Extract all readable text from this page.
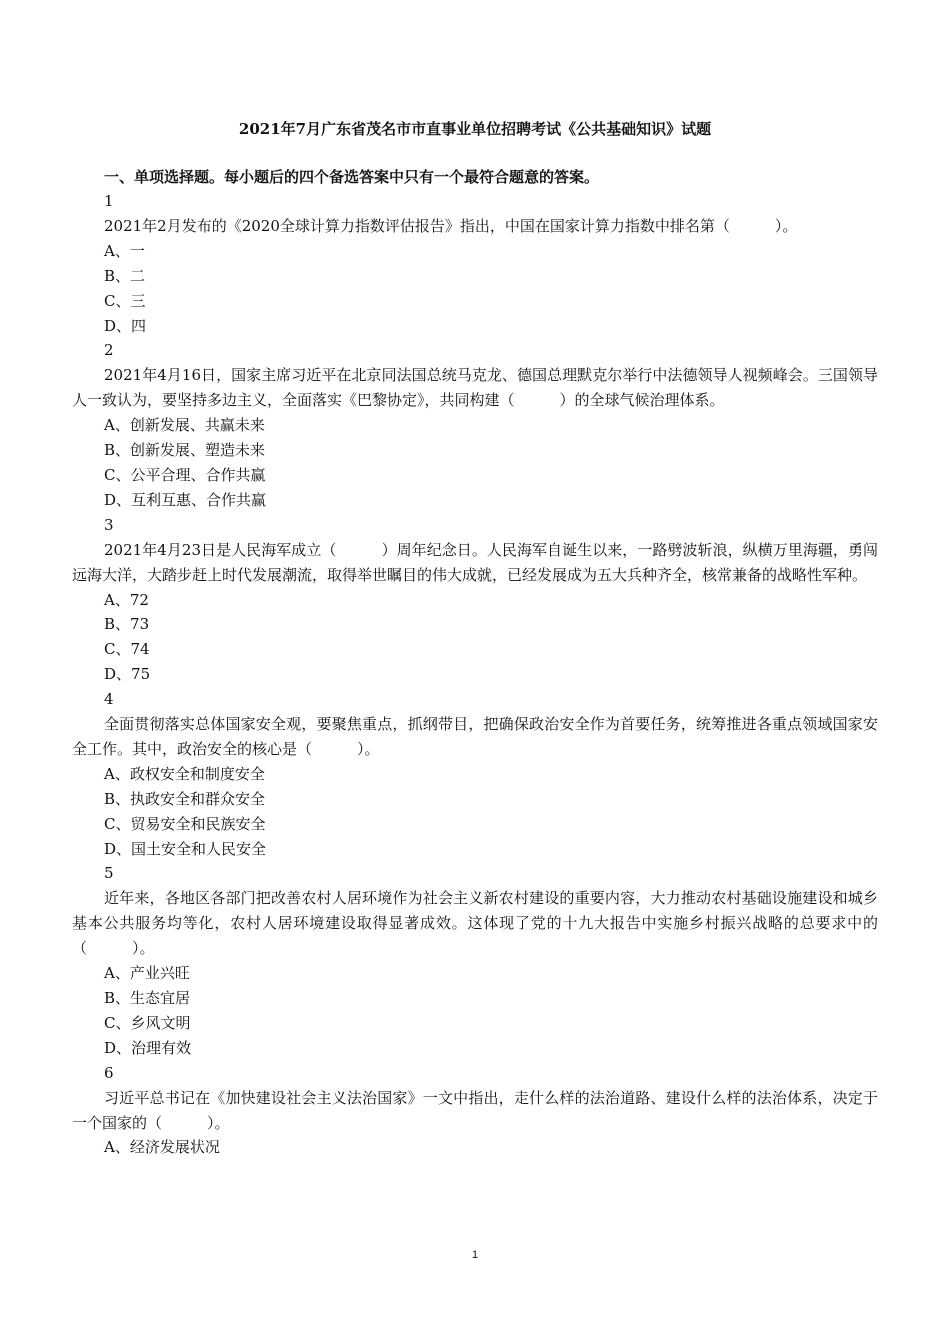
2021年7月广东省茂名市市直事业单位招聘考试《公共基础知识》试题
一、单项选择题。每小题后的四个备选答案中只有一个最符合题意的答案。
1
2021年2月发布的《2020全球计算力指数评估报告》指出，中国在国家计算力指数中排名第（　　　）。
A、一
B、二
C、三
D、四
2
2021年4月16日，国家主席习近平在北京同法国总统马克龙、德国总理默克尔举行中法德领导人视频峰会。三国领导人一致认为，要坚持多边主义，全面落实《巴黎协定》，共同构建（　　　）的全球气候治理体系。
A、创新发展、共赢未来
B、创新发展、塑造未来
C、公平合理、合作共赢
D、互利互惠、合作共赢
3
2021年4月23日是人民海军成立（　　　）周年纪念日。人民海军自诞生以来，一路劈波斩浪，纵横万里海疆，勇闯远海大洋，大踏步赶上时代发展潮流，取得举世瞩目的伟大成就，已经发展成为五大兵种齐全，核常兼备的战略性军种。
A、72
B、73
C、74
D、75
4
全面贯彻落实总体国家安全观，要聚焦重点，抓纲带目，把确保政治安全作为首要任务，统筹推进各重点领域国家安全工作。其中，政治安全的核心是（　　　）。
A、政权安全和制度安全
B、执政安全和群众安全
C、贸易安全和民族安全
D、国土安全和人民安全
5
近年来，各地区各部门把改善农村人居环境作为社会主义新农村建设的重要内容，大力推动农村基础设施建设和城乡基本公共服务均等化，农村人居环境建设取得显著成效。这体现了党的十九大报告中实施乡村振兴战略的总要求中的（　　　）。
A、产业兴旺
B、生态宜居
C、乡风文明
D、治理有效
6
习近平总书记在《加快建设社会主义法治国家》一文中指出，走什么样的法治道路、建设什么样的法治体系，决定于一个国家的（　　　）。
A、经济发展状况
1
